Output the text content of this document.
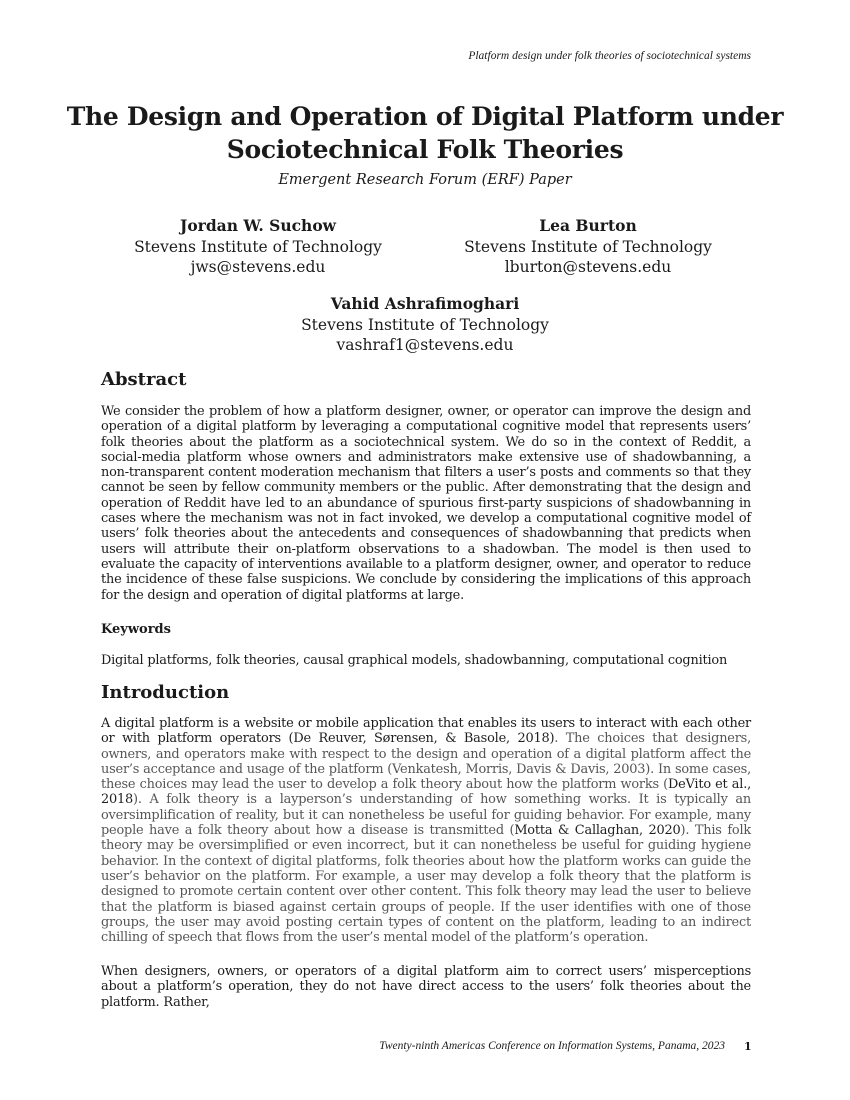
Platform design under folk theories of sociotechnical systems
The Design and Operation of Digital Platform under Sociotechnical Folk Theories
Emergent Research Forum (ERF) Paper
Jordan W. Suchow
Stevens Institute of Technology
jws@stevens.edu
Lea Burton
Stevens Institute of Technology
lburton@stevens.edu
Vahid Ashrafimoghari
Stevens Institute of Technology
vashraf1@stevens.edu
Abstract
We consider the problem of how a platform designer, owner, or operator can improve the design and operation of a digital platform by leveraging a computational cognitive model that represents users’ folk theories about the platform as a sociotechnical system. We do so in the context of Reddit, a social-media platform whose owners and administrators make extensive use of shadowbanning, a non-transparent content moderation mechanism that filters a user’s posts and comments so that they cannot be seen by fellow community members or the public. After demonstrating that the design and operation of Reddit have led to an abundance of spurious first-party suspicions of shadowbanning in cases where the mechanism was not in fact invoked, we develop a computational cognitive model of users’ folk theories about the antecedents and consequences of shadowbanning that predicts when users will attribute their on-platform observations to a shadowban. The model is then used to evaluate the capacity of interventions available to a platform designer, owner, and operator to reduce the incidence of these false suspicions. We conclude by considering the implications of this approach for the design and operation of digital platforms at large.
Keywords
Digital platforms, folk theories, causal graphical models, shadowbanning, computational cognition
Introduction
A digital platform is a website or mobile application that enables its users to interact with each other or with platform operators (De Reuver, Sørensen, & Basole, 2018). The choices that designers, owners, and operators make with respect to the design and operation of a digital platform affect the user’s acceptance and usage of the platform (Venkatesh, Morris, Davis & Davis, 2003). In some cases, these choices may lead the user to develop a folk theory about how the platform works (DeVito et al., 2018). A folk theory is a layperson’s understanding of how something works. It is typically an oversimplification of reality, but it can nonetheless be useful for guiding behavior. For example, many people have a folk theory about how a disease is transmitted (Motta & Callaghan, 2020). This folk theory may be oversimplified or even incorrect, but it can nonetheless be useful for guiding hygiene behavior. In the context of digital platforms, folk theories about how the platform works can guide the user’s behavior on the platform. For example, a user may develop a folk theory that the platform is designed to promote certain content over other content. This folk theory may lead the user to believe that the platform is biased against certain groups of people. If the user identifies with one of those groups, the user may avoid posting certain types of content on the platform, leading to an indirect chilling of speech that flows from the user’s mental model of the platform’s operation.
When designers, owners, or operators of a digital platform aim to correct users’ misperceptions about a platform’s operation, they do not have direct access to the users’ folk theories about the platform. Rather,
Twenty-ninth Americas Conference on Information Systems, Panama, 2023 1
